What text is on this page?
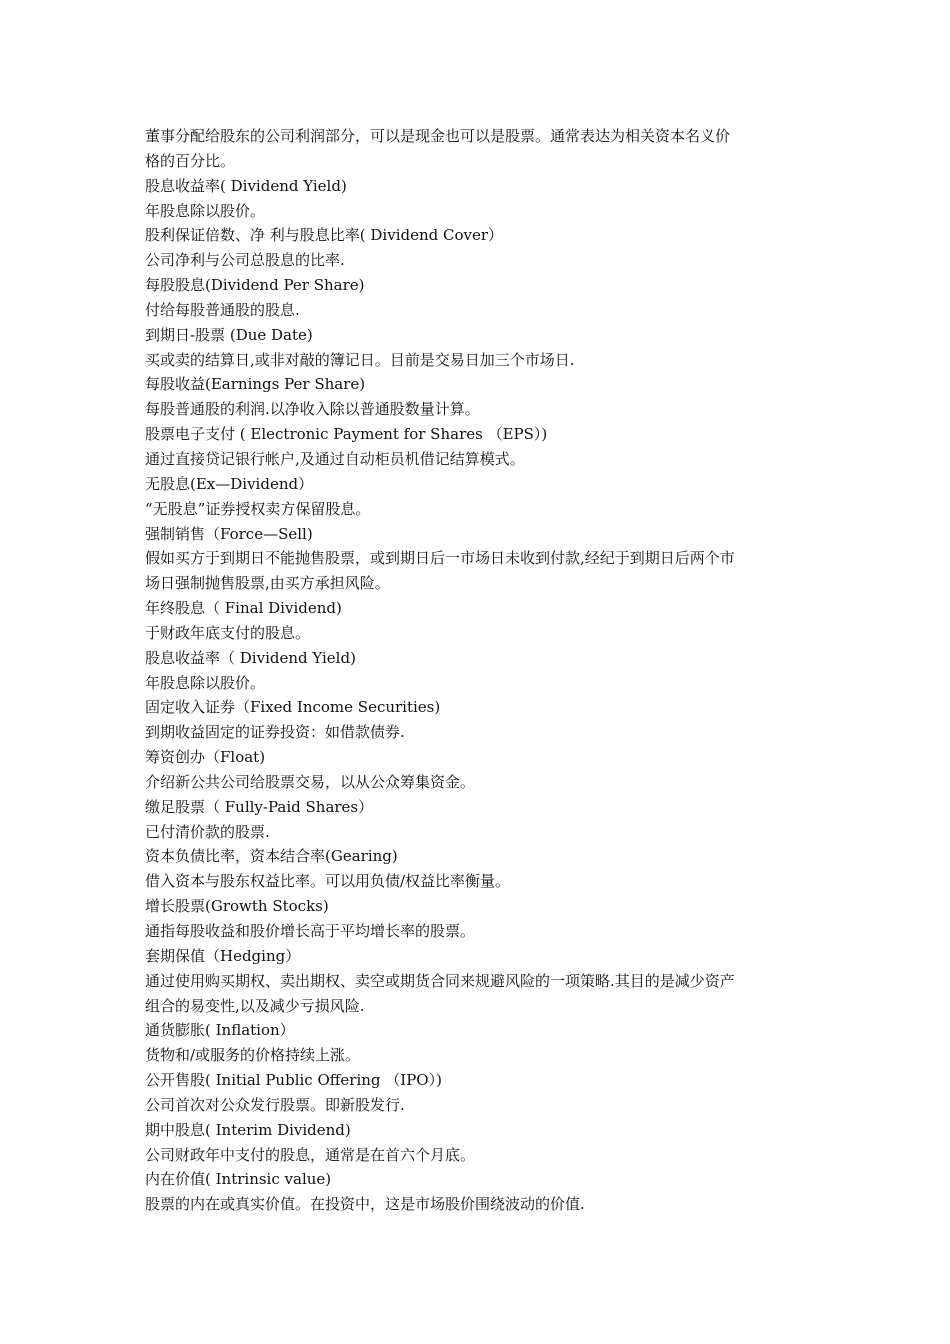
董事分配给股东的公司利润部分，可以是现金也可以是股票。通常表达为相关资本名义价
格的百分比。
股息收益率( Dividend Yield)
年股息除以股价。
股利保证倍数、净 利与股息比率( Dividend Cover）
公司净利与公司总股息的比率.
每股股息(Dividend Per Share)
付给每股普通股的股息.
到期日-股票 (Due Date)
买或卖的结算日,或非对敲的簿记日。目前是交易日加三个市场日.
每股收益(Earnings Per Share)
每股普通股的利润.以净收入除以普通股数量计算。
股票电子支付 ( Electronic Payment for Shares （EPS）)
通过直接贷记银行帐户,及通过自动柜员机借记结算模式。
无股息(Ex—Dividend）
“无股息”证券授权卖方保留股息。
强制销售（Force—Sell)
假如买方于到期日不能抛售股票，或到期日后一市场日未收到付款,经纪于到期日后两个市
场日强制抛售股票,由买方承担风险。
年终股息（ Final Dividend)
于财政年底支付的股息。
股息收益率（ Dividend Yield)
年股息除以股价。
固定收入证券（Fixed Income Securities)
到期收益固定的证券投资：如借款债券.
筹资创办（Float)
介绍新公共公司给股票交易，以从公众筹集资金。
缴足股票（ Fully-Paid Shares）
已付清价款的股票.
资本负债比率，资本结合率(Gearing)
借入资本与股东权益比率。可以用负债/权益比率衡量。
增长股票(Growth Stocks)
通指每股收益和股价增长高于平均增长率的股票。
套期保值（Hedging）
通过使用购买期权、卖出期权、卖空或期货合同来规避风险的一项策略.其目的是减少资产
组合的易变性,以及减少亏损风险.
通货膨胀( Inflation）
货物和/或服务的价格持续上涨。
公开售股( Initial Public Offering （IPO）)
公司首次对公众发行股票。即新股发行.
期中股息( Interim Dividend)
公司财政年中支付的股息，通常是在首六个月底。
内在价值( Intrinsic value)
股票的内在或真实价值。在投资中，这是市场股价围绕波动的价值.
